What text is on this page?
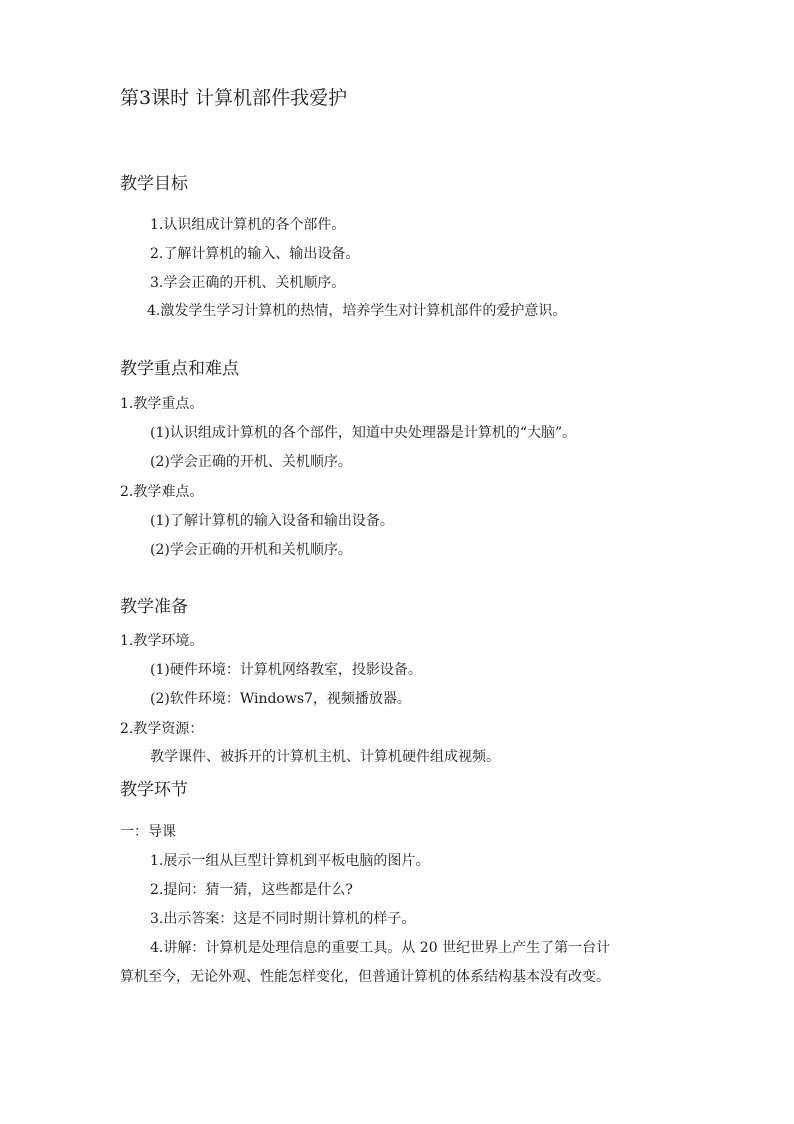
第3课时 计算机部件我爱护
教学目标
1.认识组成计算机的各个部件。
2.了解计算机的输入、输出设备。
3.学会正确的开机、关机顺序。
4.激发学生学习计算机的热情，培养学生对计算机部件的爱护意识。
教学重点和难点
1.教学重点。
(1)认识组成计算机的各个部件，知道中央处理器是计算机的“大脑”。
(2)学会正确的开机、关机顺序。
2.教学难点。
(1)了解计算机的输入设备和输出设备。
(2)学会正确的开机和关机顺序。
教学准备
1.教学环境。
(1)硬件环境：计算机网络教室，投影设备。
(2)软件环境：Windows7，视频播放器。
2.教学资源：
教学课件、被拆开的计算机主机、计算机硬件组成视频。
教学环节
一：导课
1.展示一组从巨型计算机到平板电脑的图片。
2.提问：猜一猜，这些都是什么?
3.出示答案：这是不同时期计算机的样子。
4.讲解：计算机是处理信息的重要工具。从 20 世纪世界上产生了第一台计
算机至今，无论外观、性能怎样变化，但普通计算机的体系结构基本没有改变。
